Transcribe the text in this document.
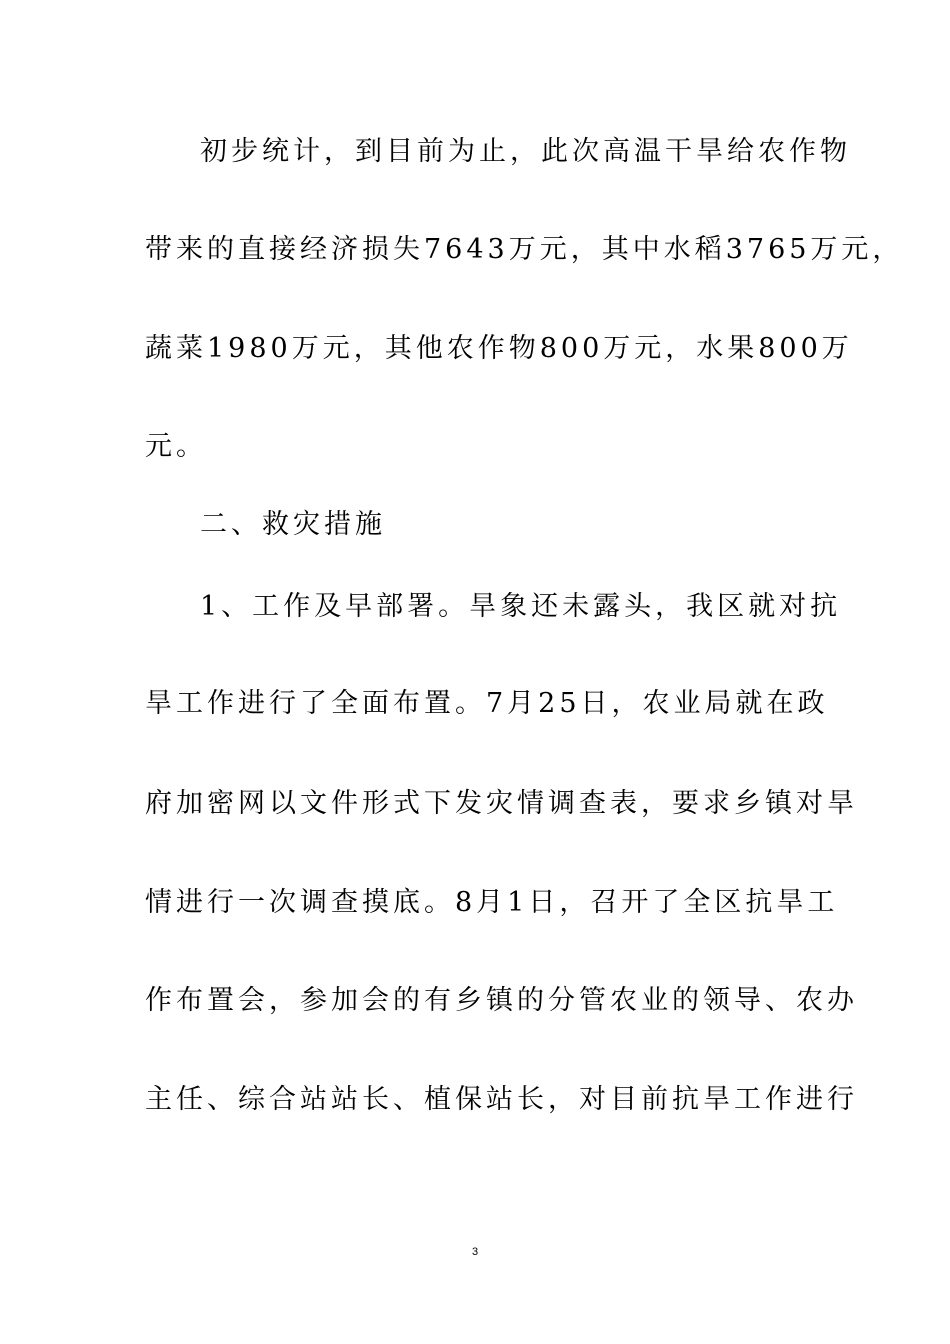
初步统计，到目前为止，此次高温干旱给农作物
带来的直接经济损失7643万元，其中水稻3765万元，
蔬菜1980万元，其他农作物800万元，水果800万
元。
二、救灾措施
1、工作及早部署。旱象还未露头，我区就对抗
旱工作进行了全面布置。7月25日，农业局就在政
府加密网以文件形式下发灾情调查表，要求乡镇对旱
情进行一次调查摸底。8月1日，召开了全区抗旱工
作布置会，参加会的有乡镇的分管农业的领导、农办
主任、综合站站长、植保站长，对目前抗旱工作进行
3
